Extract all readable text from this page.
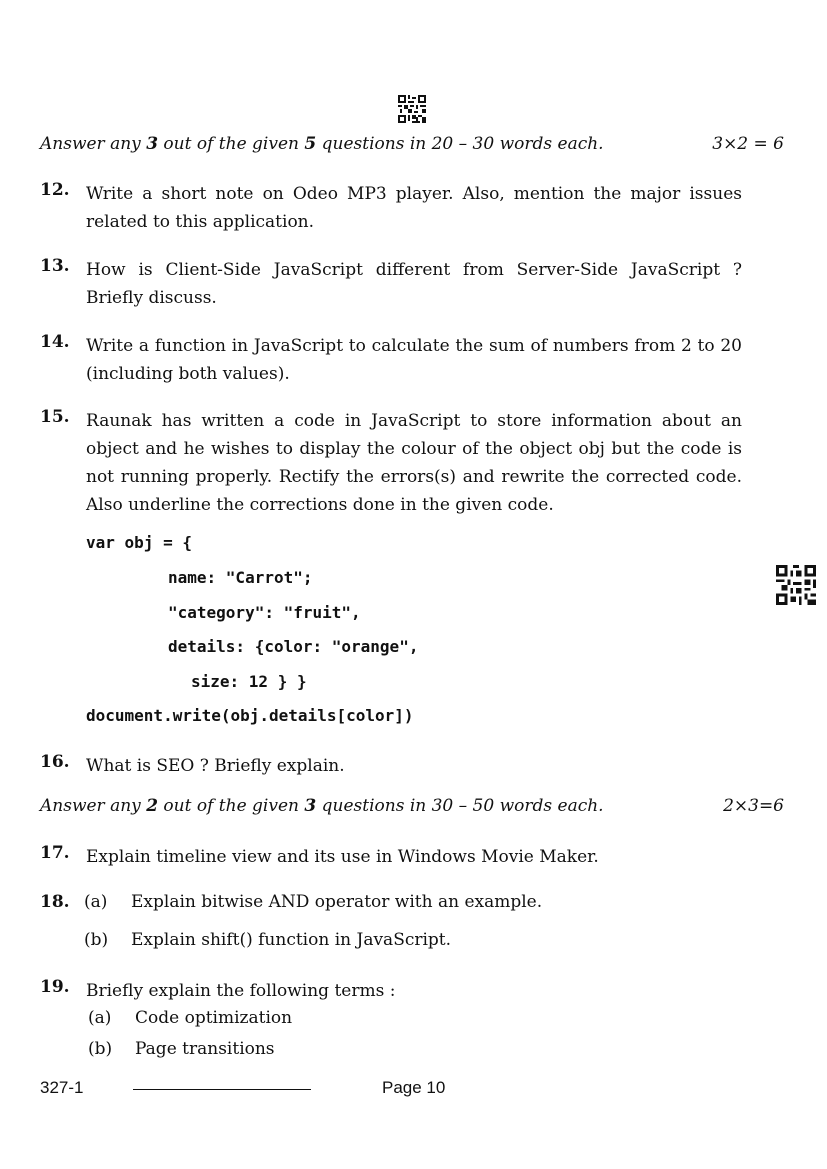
Answer any 3 out of the given 5 questions in 20 – 30 words each.	3×2 = 6
12. Write a short note on Odeo MP3 player. Also, mention the major issues related to this application.
13. How is Client-Side JavaScript different from Server-Side JavaScript ? Briefly discuss.
14. Write a function in JavaScript to calculate the sum of numbers from 2 to 20 (including both values).
15. Raunak has written a code in JavaScript to store information about an object and he wishes to display the colour of the object obj but the code is not running properly. Rectify the errors(s) and rewrite the corrected code. Also underline the corrections done in the given code.
var obj = {
name: "Carrot";
"category": "fruit",
details: {color: "orange",
size: 12 } }
document.write(obj.details[color])
16. What is SEO ? Briefly explain.
Answer any 2 out of the given 3 questions in 30 – 50 words each.	2×3=6
17. Explain timeline view and its use in Windows Movie Maker.
18. (a) Explain bitwise AND operator with an example.
(b) Explain shift() function in JavaScript.
19. Briefly explain the following terms :
(a) Code optimization
(b) Page transitions
327-1	Page 10
